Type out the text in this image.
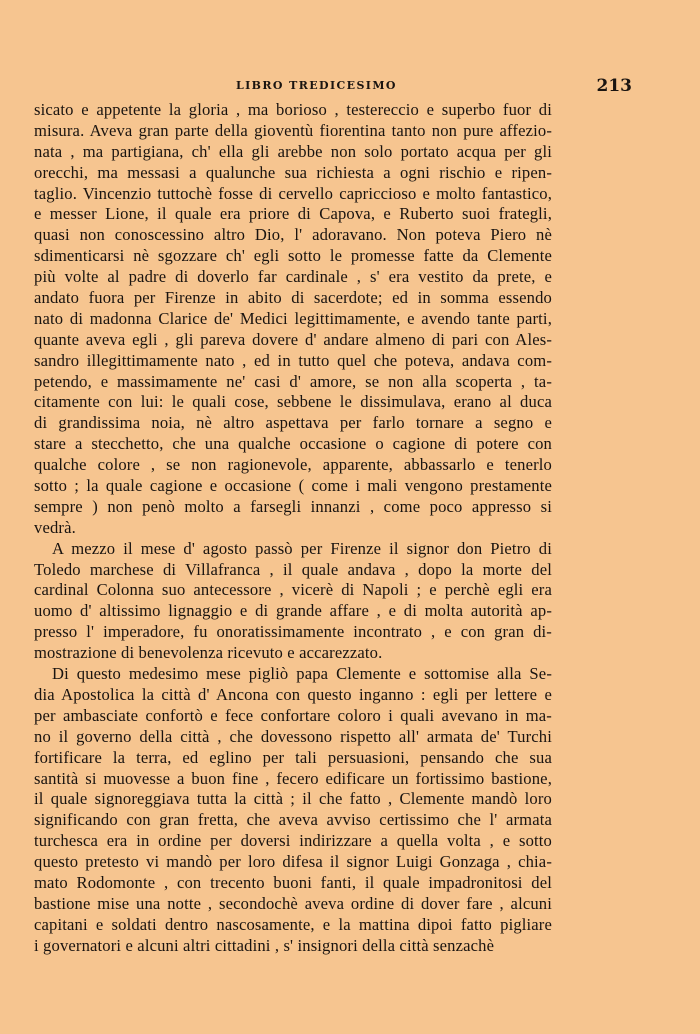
LIBRO TREDICESIMO	213
sicato e appetente la gloria , ma borioso , testereccio e superbo fuor di
misura. Aveva gran parte della gioventù fiorentina tanto non pure affezio-
nata , ma partigiana, ch' ella gli arebbe non solo portato acqua per gli
orecchi, ma messasi a qualunche sua richiesta a ogni rischio e ripen-
taglio. Vincenzio tuttochè fosse di cervello capriccioso e molto fantastico,
e messer Lione, il quale era priore di Capova, e Ruberto suoi frategli,
quasi non conoscessino altro Dio, l' adoravano. Non poteva Piero nè
sdimenticarsi nè sgozzare ch' egli sotto le promesse fatte da Clemente
più volte al padre di doverlo far cardinale , s' era vestito da prete, e
andato fuora per Firenze in abito di sacerdote; ed in somma essendo
nato di madonna Clarice de' Medici legittimamente, e avendo tante parti,
quante aveva egli , gli pareva dovere d' andare almeno di pari con Ales-
sandro illegittimamente nato , ed in tutto quel che poteva, andava com-
petendo, e massimamente ne' casi d' amore, se non alla scoperta , ta-
citamente con lui: le quali cose, sebbene le dissimulava, erano al duca
di grandissima noia, nè altro aspettava per farlo tornare a segno e
stare a stecchetto, che una qualche occasione o cagione di potere con
qualche colore , se non ragionevole, apparente, abbassarlo e tenerlo
sotto ; la quale cagione e occasione ( come i mali vengono prestamente
sempre ) non penò molto a farsegli innanzi , come poco appresso si
vedrà.
A mezzo il mese d' agosto passò per Firenze il signor don Pietro di
Toledo marchese di Villafranca , il quale andava , dopo la morte del
cardinal Colonna suo antecessore , vicerè di Napoli ; e perchè egli era
uomo d' altissimo lignaggio e di grande affare , e di molta autorità ap-
presso l' imperadore, fu onoratissimamente incontrato , e con gran di-
mostrazione di benevolenza ricevuto e accarezzato.
Di questo medesimo mese pigliò papa Clemente e sottomise alla Se-
dia Apostolica la città d' Ancona con questo inganno : egli per lettere e
per ambasciate confortò e fece confortare coloro i quali avevano in ma-
no il governo della città , che dovessono rispetto all' armata de' Turchi
fortificare la terra, ed eglino per tali persuasioni, pensando che sua
santità si muovesse a buon fine , fecero edificare un fortissimo bastione,
il quale signoreggiava tutta la città ; il che fatto , Clemente mandò loro
significando con gran fretta, che aveva avviso certissimo che l' armata
turchesca era in ordine per doversi indirizzare a quella volta , e sotto
questo pretesto vi mandò per loro difesa il signor Luigi Gonzaga , chia-
mato Rodomonte , con trecento buoni fanti, il quale impadronitosi del
bastione mise una notte , secondochè aveva ordine di dover fare , alcuni
capitani e soldati dentro nascosamente, e la mattina dipoi fatto pigliare
i governatori e alcuni altri cittadini , s' insignori della città senzachè
